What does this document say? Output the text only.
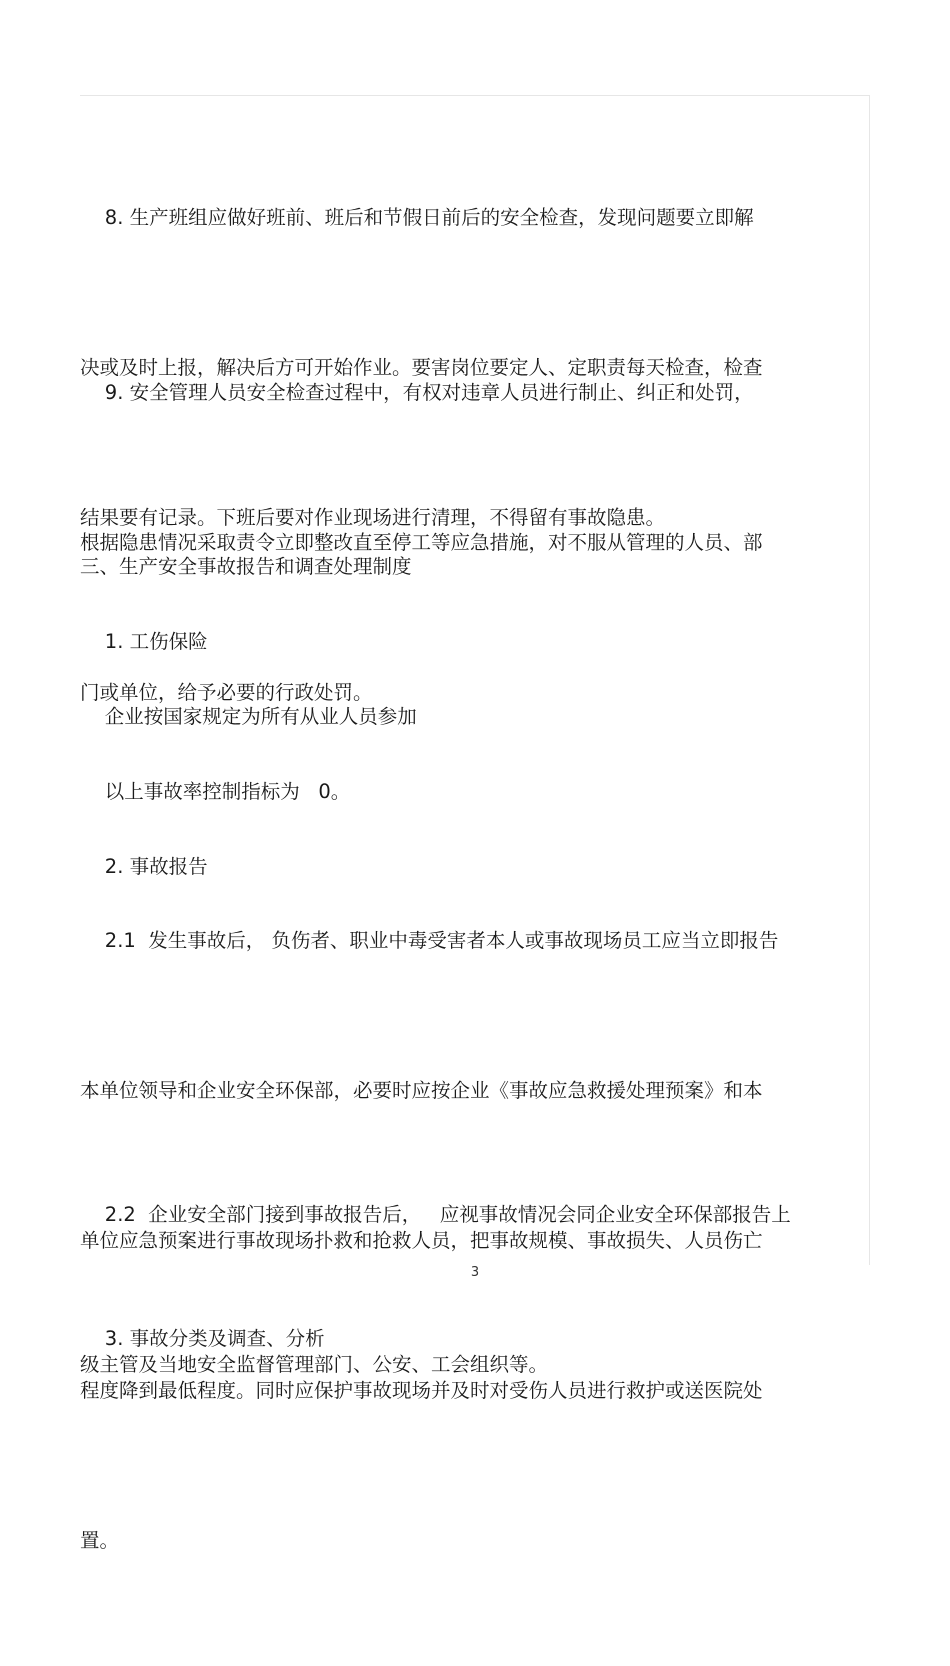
8. 生产班组应做好班前、班后和节假日前后的安全检查，发现问题要立即解

决或及时上报，解决后方可开始作业。要害岗位要定人、定职责每天检查，检查

结果要有记录。下班后要对作业现场进行清理，不得留有事故隐患。

9. 安全管理人员安全检查过程中，有权对违章人员进行制止、纠正和处罚，

根据隐患情况采取责令立即整改直至停工等应急措施，对不服从管理的人员、部

门或单位，给予必要的行政处罚。

三、生产安全事故报告和调查处理制度

1. 工伤保险

企业按国家规定为所有从业人员参加

以上事故率控制指标为   0。

2. 事故报告

2.1  发生事故后， 负伤者、职业中毒受害者本人或事故现场员工应当立即报告

本单位领导和企业安全环保部，必要时应按企业《事故应急救援处理预案》和本

单位应急预案进行事故现场扑救和抢救人员，把事故规模、事故损失、人员伤亡

程度降到最低程度。同时应保护事故现场并及时对受伤人员进行救护或送医院处

置。

2.2  企业安全部门接到事故报告后，   应视事故情况会同企业安全环保部报告上

级主管及当地安全监督管理部门、公安、工会组织等。

3. 事故分类及调查、分析

3
